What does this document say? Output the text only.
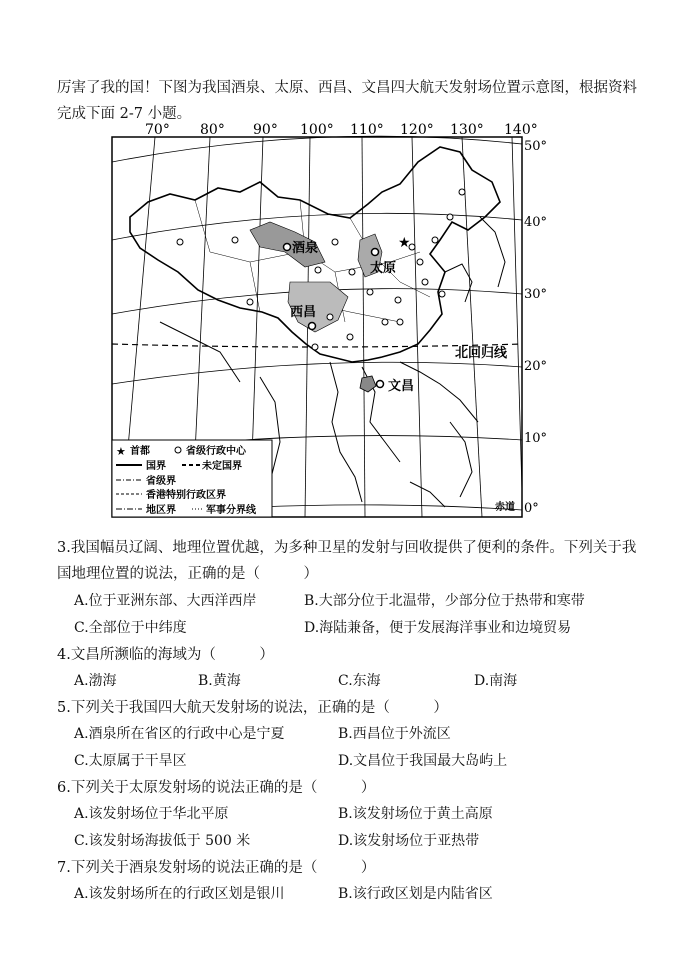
厉害了我的国！下图为我国酒泉、太原、西昌、文昌四大航天发射场位置示意图，根据资料
完成下面 2-7 小题。
70° 80° 90° 100° 110° 120° 130° 140°
50°
40°
30°
20°
10°
0°
★
酒泉
太原
西昌
文昌
北回归线
赤道
★ 首都	省级行政中心
国界	未定国界
省级界
香港特别行政区界
地区界	军事分界线
3.我国幅员辽阔、地理位置优越，为多种卫星的发射与回收提供了便利的条件。下列关于我
国地理位置的说法，正确的是（　　　）
A.位于亚洲东部、大西洋西岸	B.大部分位于北温带，少部分位于热带和寒带
C.全部位于中纬度	D.海陆兼备，便于发展海洋事业和边境贸易
4.文昌所濒临的海域为（　　　）
A.渤海	B.黄海	C.东海	D.南海
5.下列关于我国四大航天发射场的说法，正确的是（　　　）
A.酒泉所在省区的行政中心是宁夏	B.西昌位于外流区
C.太原属于干旱区	D.文昌位于我国最大岛屿上
6.下列关于太原发射场的说法正确的是（　　　）
A.该发射场位于华北平原	B.该发射场位于黄土高原
C.该发射场海拔低于 500 米	D.该发射场位于亚热带
7.下列关于酒泉发射场的说法正确的是（　　　）
A.该发射场所在的行政区划是银川	B.该行政区划是内陆省区
